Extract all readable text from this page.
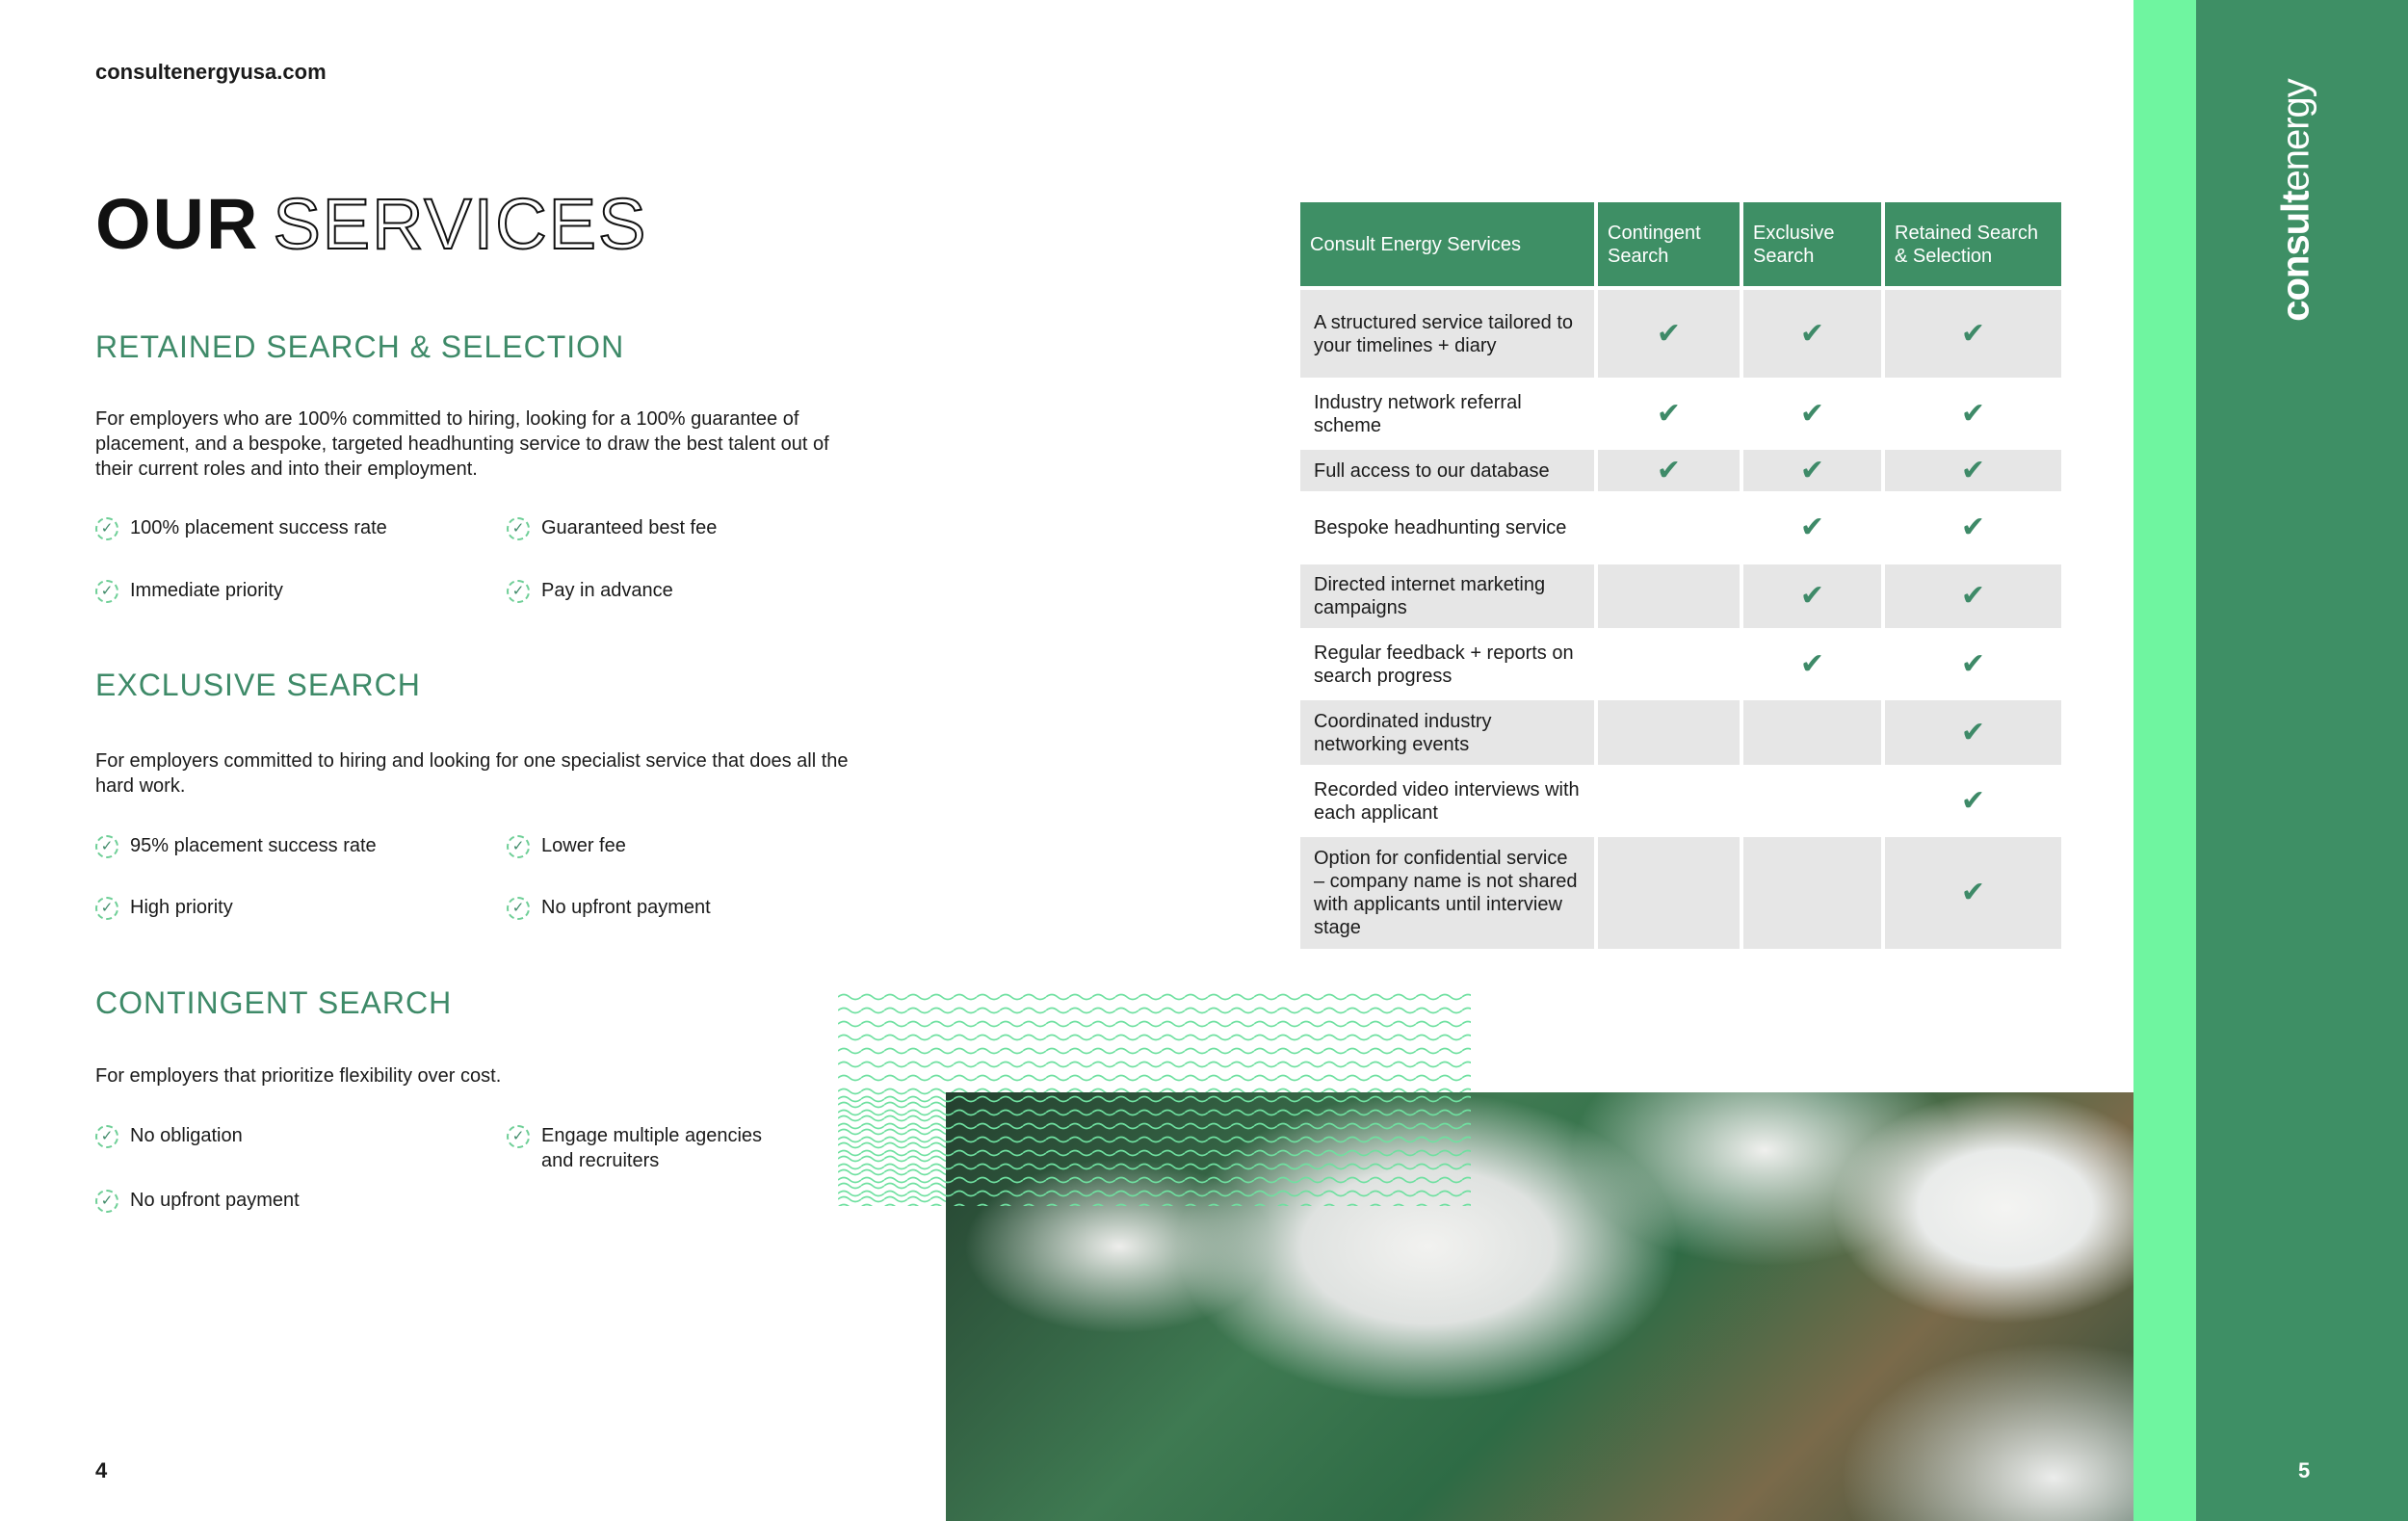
consultenergyusa.com
OUR SERVICES
RETAINED SEARCH & SELECTION
For employers who are 100% committed to hiring, looking for a 100% guarantee of placement, and a bespoke, targeted headhunting service to draw the best talent out of their current roles and into their employment.
EXCLUSIVE SEARCH
For employers committed to hiring and looking for one specialist service that does all the hard work.
CONTINGENT SEARCH
For employers that prioritize flexibility over cost.
✓ 100% placement success rate	✓ Guaranteed best fee
✓ Immediate priority	✓ Pay in advance
✓ 95% placement success rate	✓ Lower fee
✓ High priority	✓ No upfront payment
✓ No obligation	✓ Engage multiple agencies and recruiters
✓ No upfront payment
Consult Energy Services	Contingent Search	Exclusive Search	Retained Search & Selection
A structured service tailored to your timelines + diary	✔	✔	✔
Industry network referral scheme	✔	✔	✔
Full access to our database	✔	✔	✔
Bespoke headhunting service		✔	✔
Directed internet marketing campaigns		✔	✔
Regular feedback + reports on search progress		✔	✔
Coordinated industry networking events			✔
Recorded video interviews with each applicant			✔
Option for confidential service – company name is not shared with applicants until interview stage			✔
consultenergy
4	5
